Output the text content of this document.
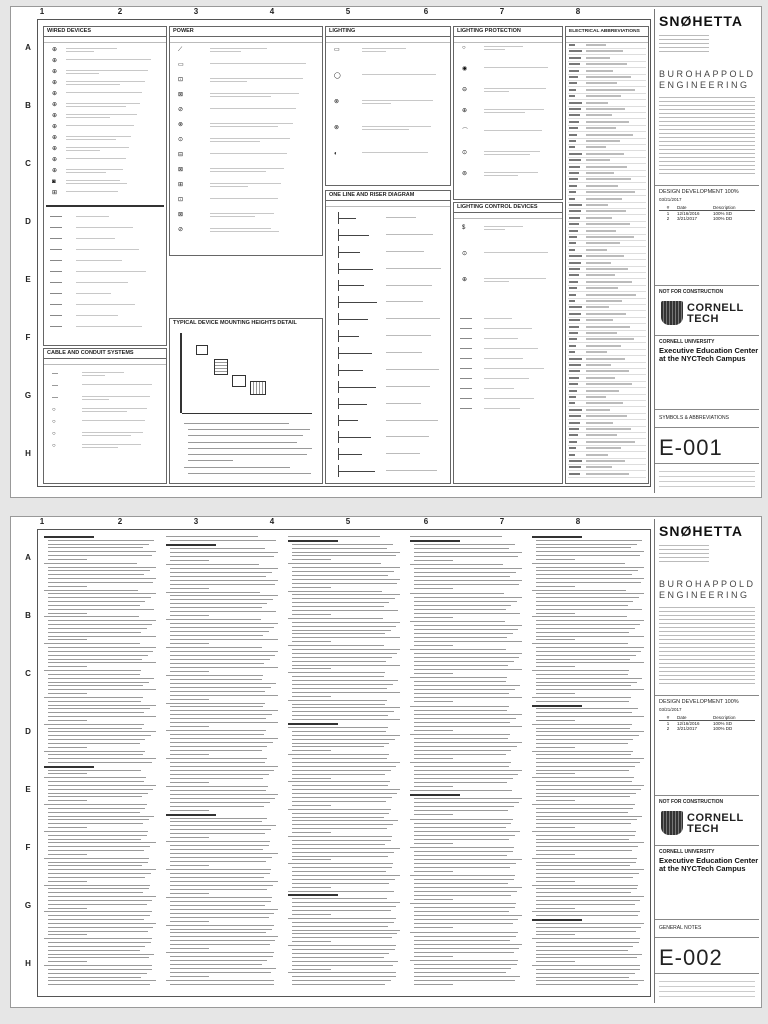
1	2	3	4	5	6	7	8
A
B
C
D
E
F
G
H
WIRED DEVICES
⊕
⊕
⊕
⊕
⊕
⊕
⊕
⊕
⊕
⊕
⊕
⊕
◙
⊞
CABLE AND CONDUIT SYSTEMS
—
—
—
○
○
○
○
POWER
⟋
▭
⊡
⊠
⊘
⊗
⊙
⊟
⊠
⊞
⊡
⊠
⊘
TYPICAL DEVICE MOUNTING HEIGHTS DETAIL
LIGHTING
▭
◯
⊗
⊗
◐
ONE LINE AND RISER DIAGRAM
LIGHTING PROTECTION
○
◉
⊖
⊕
⌒
⊙
⊚
LIGHTING CONTROL DEVICES
$
⊙
⊕
ELECTRICAL ABBREVIATIONS
SNØHETTA
BUROHAPPOLD
ENGINEERING
DESIGN DEVELOPMENT 100%
03/21/2017
#	Date	Description
1	12/16/2016	100% SD
2	3/21/2017	100% DD
NOT FOR CONSTRUCTION
CORNELL
TECH
CORNELL UNIVERSITY
Executive Education Center at the NYCTech Campus
SYMBOLS & ABBREVIATIONS
E-001
1	2	3	4	5	6	7	8
A
B
C
D
E
F
G
H
SNØHETTA
BUROHAPPOLD
ENGINEERING
DESIGN DEVELOPMENT 100%
03/21/2017
#	Date	Description
1	12/16/2016	100% SD
2	3/21/2017	100% DD
NOT FOR CONSTRUCTION
CORNELL
TECH
CORNELL UNIVERSITY
Executive Education Center at the NYCTech Campus
GENERAL NOTES
E-002
